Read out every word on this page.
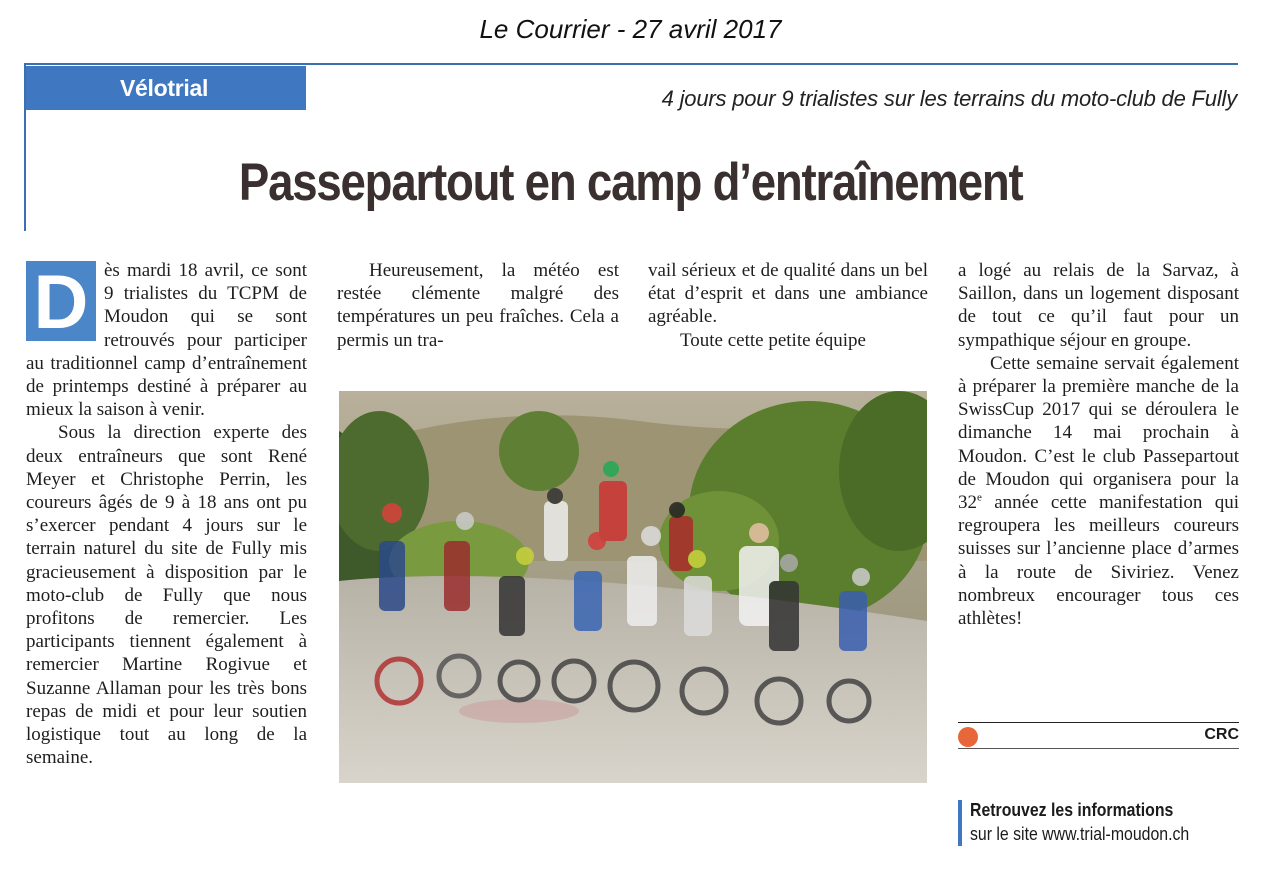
Le Courrier - 27 avril 2017
Vélotrial	4 jours pour 9 trialistes sur les terrains du moto-club de Fully
Passepartout en camp d’entraînement

D ès mardi 18 avril, ce sont 9 trialistes du TCPM de Moudon qui se sont retrouvés pour participer au traditionnel camp d’entraînement de printemps destiné à préparer au mieux la saison à venir.

Sous la direction experte des deux entraîneurs que sont René Meyer et Christophe Perrin, les coureurs âgés de 9 à 18 ans ont pu s’exercer pendant 4 jours sur le terrain naturel du site de Fully mis gracieusement à disposition par le moto-club de Fully que nous profitons de remercier. Les participants tiennent également à remercier Martine Rogivue et Suzanne Allaman pour les très bons repas de midi et pour leur soutien logistique tout au long de la semaine.

Heureusement, la météo est restée clémente malgré des températures un peu fraîches. Cela a permis un tra-

vail sérieux et de qualité dans un bel état d’esprit et dans une ambiance agréable.

Toute cette petite équipe

a logé au relais de la Sarvaz, à Saillon, dans un logement disposant de tout ce qu’il faut pour un sympathique séjour en groupe.

Cette semaine servait également à préparer la première manche de la SwissCup 2017 qui se déroulera le dimanche 14 mai prochain à Moudon. C’est le club Passepartout de Moudon qui organisera pour la 32e année cette manifestation qui regroupera les meilleurs coureurs suisses sur l’ancienne place d’armes à la route de Siviriez. Venez nombreux encourager tous ces athlètes!

CRC
Retrouvez les informations
sur le site www.trial-moudon.ch
